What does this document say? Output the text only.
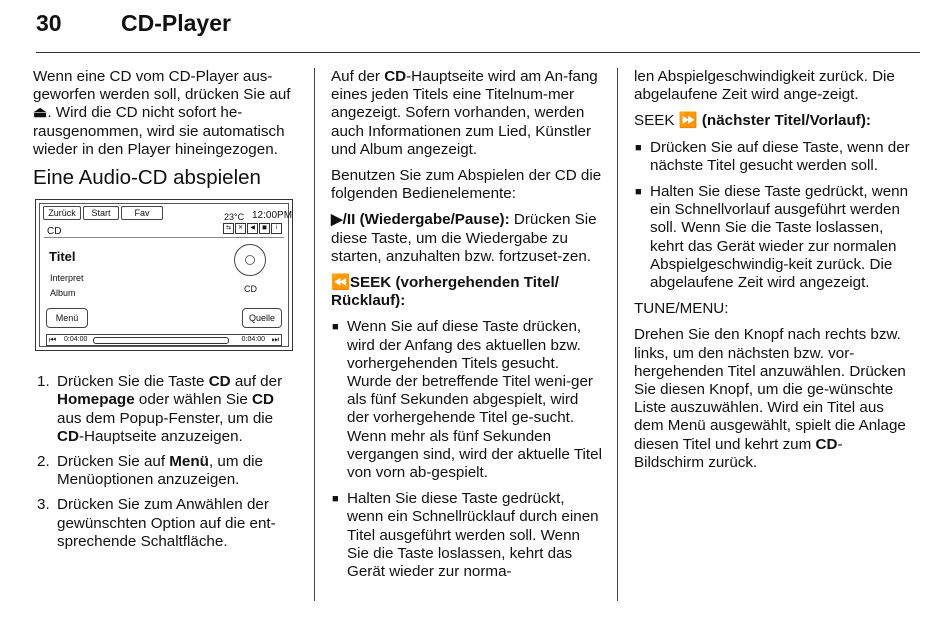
30	CD-Player

Wenn eine CD vom CD-Player aus-geworfen werden soll, drücken Sie auf ⏏. Wird die CD nicht sofort he-rausgenommen, wird sie automatisch wieder in den Player hineingezogen.

Eine Audio-CD abspielen
Zurück	Start	Fav	23°C 12:00PM
CD	⇆	✕	◀	◼	i
Titel
Interpret
Album	CD
Menü	Quelle
⏮ 0:04:00	0:04:00 ⏭
1. Drücken Sie die Taste CD auf der Homepage oder wählen Sie CD aus dem Popup-Fenster, um die CD-Hauptseite anzuzeigen.
2. Drücken Sie auf Menü, um die Menüoptionen anzuzeigen.
3. Drücken Sie zum Anwählen der gewünschten Option auf die ent-sprechende Schaltfläche.

Auf der CD-Hauptseite wird am An-fang eines jeden Titels eine Titelnum-mer angezeigt. Sofern vorhanden, werden auch Informationen zum Lied, Künstler und Album angezeigt.

Benutzen Sie zum Abspielen der CD die folgenden Bedienelemente:

▶/II (Wiedergabe/Pause): Drücken Sie diese Taste, um die Wiedergabe zu starten, anzuhalten bzw. fortzuset-zen.

⏪SEEK (vorhergehenden Titel/ Rücklauf):

■ Wenn Sie auf diese Taste drücken, wird der Anfang des aktuellen bzw. vorhergehenden Titels gesucht. Wurde der betreffende Titel weni-ger als fünf Sekunden abgespielt, wird der vorhergehende Titel ge-sucht. Wenn mehr als fünf Sekunden vergangen sind, wird der aktuelle Titel von vorn ab-gespielt.
■ Halten Sie diese Taste gedrückt, wenn ein Schnellrücklauf durch einen Titel ausgeführt werden soll. Wenn Sie die Taste loslassen, kehrt das Gerät wieder zur norma-

len Abspielgeschwindigkeit zurück. Die abgelaufene Zeit wird ange-zeigt.

SEEK ⏩ (nächster Titel/Vorlauf):

■ Drücken Sie auf diese Taste, wenn der nächste Titel gesucht werden soll.
■ Halten Sie diese Taste gedrückt, wenn ein Schnellvorlauf ausgeführt werden soll. Wenn Sie die Taste loslassen, kehrt das Gerät wieder zur normalen Abspielgeschwindig-keit zurück. Die abgelaufene Zeit wird angezeigt.

TUNE/MENU:

Drehen Sie den Knopf nach rechts bzw. links, um den nächsten bzw. vor-hergehenden Titel anzuwählen. Drücken Sie diesen Knopf, um die ge-wünschte Liste auszuwählen. Wird ein Titel aus dem Menü ausgewählt, spielt die Anlage diesen Titel und kehrt zum CD-Bildschirm zurück.
